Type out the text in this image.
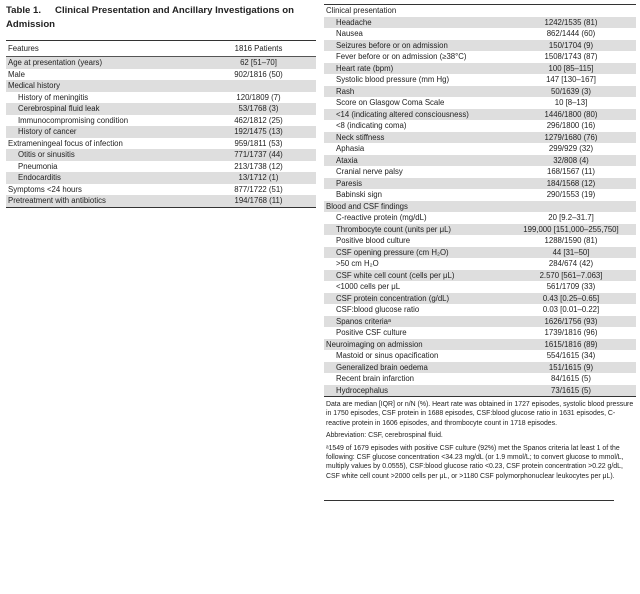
Table 1. Clinical Presentation and Ancillary Investigations on Admission
Features	1816 Patients
Age at presentation (years)	62 [51–70]
Male	902/1816 (50)
Medical history	
History of meningitis	120/1809 (7)
Cerebrospinal fluid leak	53/1768 (3)
Immunocompromising condition	462/1812 (25)
History of cancer	192/1475 (13)
Extrameningeal focus of infection	959/1811 (53)
Otitis or sinusitis	771/1737 (44)
Pneumonia	213/1738 (12)
Endocarditis	13/1712 (1)
Symptoms <24 hours	877/1722 (51)
Pretreatment with antibiotics	194/1768 (11)
Clinical presentation	
Headache	1242/1535 (81)
Nausea	862/1444 (60)
Seizures before or on admission	150/1704 (9)
Fever before or on admission (≥38°C)	1508/1743 (87)
Heart rate (bpm)	100 [85–115]
Systolic blood pressure (mm Hg)	147 [130–167]
Rash	50/1639 (3)
Score on Glasgow Coma Scale	10 [8–13]
<14 (indicating altered consciousness)	1446/1800 (80)
<8 (indicating coma)	296/1800 (16)
Neck stiffness	1279/1680 (76)
Aphasia	299/929 (32)
Ataxia	32/808 (4)
Cranial nerve palsy	168/1567 (11)
Paresis	184/1568 (12)
Babinski sign	290/1553 (19)
Blood and CSF findings	
C-reactive protein (mg/dL)	20 [9.2–31.7]
Thrombocyte count (units per μL)	199,000 [151,000–255,750]
Positive blood culture	1288/1590 (81)
CSF opening pressure (cm H₂O)	44 [31–50]
>50 cm H₂O	284/674 (42)
CSF white cell count (cells per μL)	2.570 [561–7.063]
<1000 cells per μL	561/1709 (33)
CSF protein concentration (g/dL)	0.43 [0.25–0.65]
CSF:blood glucose ratio	0.03 [0.01–0.22]
Spanos criteriaᵃ	1626/1756 (93)
Positive CSF culture	1739/1816 (96)
Neuroimaging on admission	1615/1816 (89)
Mastoid or sinus opacification	554/1615 (34)
Generalized brain oedema	151/1615 (9)
Recent brain infarction	84/1615 (5)
Hydrocephalus	73/1615 (5)

Data are median [IQR] or n/N (%). Heart rate was obtained in 1727 episodes, systolic blood pressure in 1750 episodes, CSF protein in 1688 episodes, CSF:blood glucose ratio in 1631 episodes, C-reactive protein in 1606 episodes, and thrombocyte count in 1718 episodes.

Abbreviation: CSF, cerebrospinal fluid.

ᵃ1549 of 1679 episodes with positive CSF culture (92%) met the Spanos criteria lat least 1 of the following: CSF glucose concentration <34.23 mg/dL (or 1.9 mmol/L; to convert glucose to mmol/L, multiply values by 0.0555), CSF:blood glucose ratio <0.23, CSF protein concentration >0.22 g/dL, CSF white cell count >2000 cells per μL, or >1180 CSF polymorphonuclear leukocytes per μL).
